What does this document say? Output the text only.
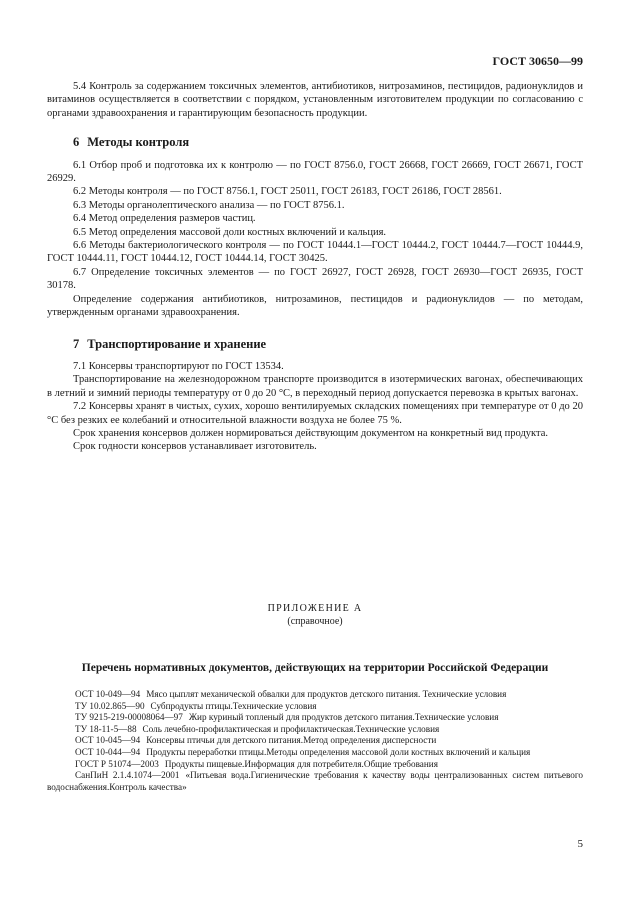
ГОСТ 30650—99

5.4 Контроль за содержанием токсичных элементов, антибиотиков, нитрозаминов, пестицидов, радионуклидов и витаминов осуществляется в соответствии с порядком, установленным изготовителем продукции по согласованию с органами здравоохранения и гарантирующим безопасность продукции.

6 Методы контроля

6.1 Отбор проб и подготовка их к контролю — по ГОСТ 8756.0, ГОСТ 26668, ГОСТ 26669, ГОСТ 26671, ГОСТ 26929.

6.2 Методы контроля — по ГОСТ 8756.1, ГОСТ 25011, ГОСТ 26183, ГОСТ 26186, ГОСТ 28561.

6.3 Методы органолептического анализа — по ГОСТ 8756.1.

6.4 Метод определения размеров частиц.

6.5 Метод определения массовой доли костных включений и кальция.

6.6 Методы бактериологического контроля — по ГОСТ 10444.1—ГОСТ 10444.2, ГОСТ 10444.7—ГОСТ 10444.9, ГОСТ 10444.11, ГОСТ 10444.12, ГОСТ 10444.14, ГОСТ 30425.

6.7 Определение токсичных элементов — по ГОСТ 26927, ГОСТ 26928, ГОСТ 26930—ГОСТ 26935, ГОСТ 30178.

Определение содержания антибиотиков, нитрозаминов, пестицидов и радионуклидов — по методам, утвержденным органами здравоохранения.

7 Транспортирование и хранение

7.1 Консервы транспортируют по ГОСТ 13534.

Транспортирование на железнодорожном транспорте производится в изотермических вагонах, обеспечивающих в летний и зимний периоды температуру от 0 до 20 °С, в переходный период допускается перевозка в крытых вагонах.

7.2 Консервы хранят в чистых, сухих, хорошо вентилируемых складских помещениях при температуре от 0 до 20 °С без резких ее колебаний и относительной влажности воздуха не более 75 %.

Срок хранения консервов должен нормироваться действующим документом на конкретный вид продукта.

Срок годности консервов устанавливает изготовитель.

ПРИЛОЖЕНИЕ А
(справочное)
Перечень нормативных документов, действующих на территории Российской Федерации

ОСТ 10-049—94 Мясо цыплят механической обвалки для продуктов детского питания. Технические условия

ТУ 10.02.865—90 Субпродукты птицы.Технические условия

ТУ 9215-219-00008064—97 Жир куриный топленый для продуктов детского питания.Технические условия

ТУ 18-11-5—88 Соль лечебно-профилактическая и профилактическая.Технические условия

ОСТ 10-045—94 Консервы птичьи для детского питания.Метод определения дисперсности

ОСТ 10-044—94 Продукты переработки птицы.Методы определения массовой доли костных включений и кальция

ГОСТ Р 51074—2003 Продукты пищевые.Информация для потребителя.Общие требования

СанПиН 2.1.4.1074—2001 «Питьевая вода.Гигиенические требования к качеству воды централизованных систем питьевого водоснабжения.Контроль качества»

5
